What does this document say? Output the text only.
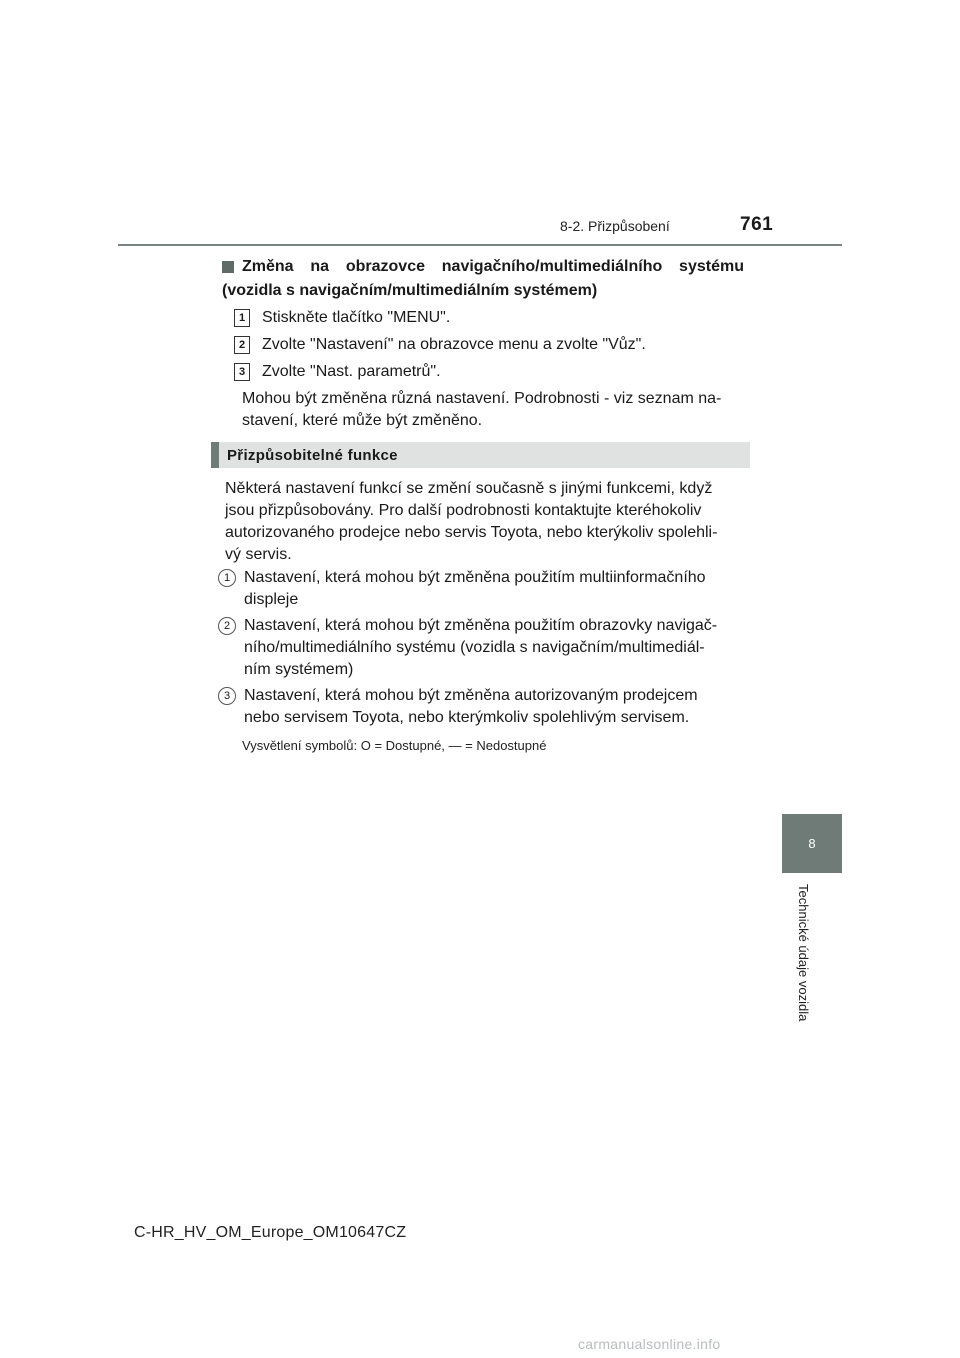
8-2. Přizpůsobení	761
Změna na obrazovce navigačního/multimediálního systému
(vozidla s navigačním/multimediálním systémem)
1	Stiskněte tlačítko "MENU".
2	Zvolte "Nastavení" na obrazovce menu a zvolte "Vůz".
3	Zvolte "Nast. parametrů".
Mohou být změněna různá nastavení. Podrobnosti - viz seznam na-
stavení, které může být změněno.
Přizpůsobitelné funkce
Některá nastavení funkcí se změní současně s jinými funkcemi, když
jsou přizpůsobovány. Pro další podrobnosti kontaktujte kteréhokoliv
autorizovaného prodejce nebo servis Toyota, nebo kterýkoliv spolehli-
vý servis.
1 Nastavení, která mohou být změněna použitím multiinformačního
displeje
2 Nastavení, která mohou být změněna použitím obrazovky navigač-
ního/multimediálního systému (vozidla s navigačním/multimediál-
ním systémem)
3 Nastavení, která mohou být změněna autorizovaným prodejcem
nebo servisem Toyota, nebo kterýmkoliv spolehlivým servisem.
Vysvětlení symbolů: O = Dostupné, — = Nedostupné
8
Technické údaje vozidla
C-HR_HV_OM_Europe_OM10647CZ
carmanualsonline.info
